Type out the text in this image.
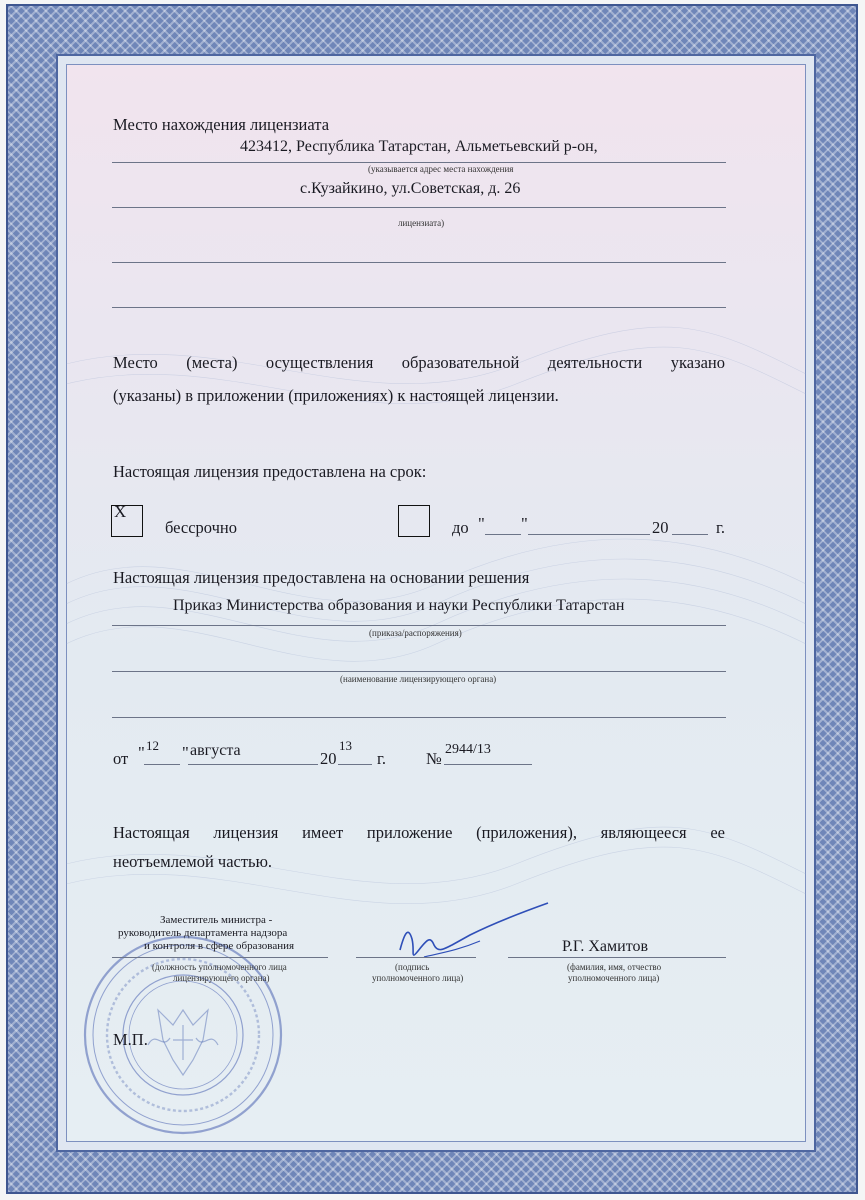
Место нахождения лицензиата
423412, Республика Татарстан, Альметьевский р-он,
(указывается адрес места нахождения
с.Кузайкино, ул.Советская, д. 26
лицензиата)
Место (места) осуществления образовательной деятельности указано
(указаны) в приложении (приложениях) к настоящей лицензии.
Настоящая лицензия предоставлена на срок:
X
бессрочно	до " "	20	г.
Настоящая лицензия предоставлена на основании решения
Приказ Министерства образования и науки Республики Татарстан
(приказа/распоряжения)
(наименование лицензирующего органа)
от " 12 " августа	20
13
г. № 2944/13
Настоящая лицензия имеет приложение (приложения), являющееся ее
неотъемлемой частью.
Заместитель министра -
руководитель департамента надзора
и контроля в сфере образования
(должность уполномоченного лица
лицензирующего органа)
(подпись
уполномоченного лица)
Р.Г. Хамитов
(фамилия, имя, отчество
уполномоченного лица)
М.П.
